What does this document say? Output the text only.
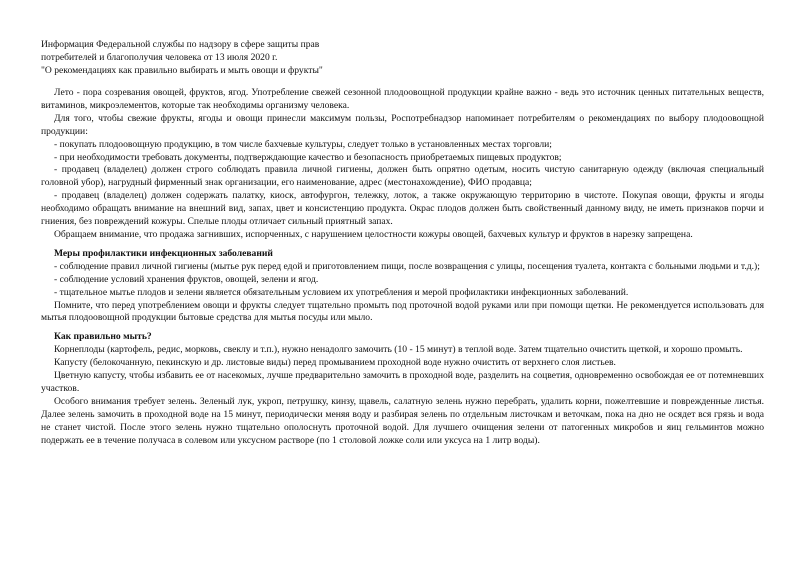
Информация Федеральной службы по надзору в сфере защиты прав
потребителей и благополучия человека от 13 июля 2020 г.
"О рекомендациях как правильно выбирать и мыть овощи и фрукты"

Лето - пора созревания овощей, фруктов, ягод. Употребление свежей сезонной плодоовощной продукции крайне важно - ведь это источник ценных питательных веществ, витаминов, микроэлементов, которые так необходимы организму человека.

Для того, чтобы свежие фрукты, ягоды и овощи принесли максимум пользы, Роспотребнадзор напоминает потребителям о рекомендациях по выбору плодоовощной продукции:

- покупать плодоовощную продукцию, в том числе бахчевые культуры, следует только в установленных местах торговли;

- при необходимости требовать документы, подтверждающие качество и безопасность приобретаемых пищевых продуктов;

- продавец (владелец) должен строго соблюдать правила личной гигиены, должен быть опрятно одетым, носить чистую санитарную одежду (включая специальный головной убор), нагрудный фирменный знак организации, его наименование, адрес (местонахождение), ФИО продавца;

- продавец (владелец) должен содержать палатку, киоск, автофургон, тележку, лоток, а также окружающую территорию в чистоте. Покупая овощи, фрукты и ягоды необходимо обращать внимание на внешний вид, запах, цвет и консистенцию продукта. Окрас плодов должен быть свойственный данному виду, не иметь признаков порчи и гниения, без повреждений кожуры. Спелые плоды отличает сильный приятный запах.

Обращаем внимание, что продажа загнивших, испорченных, с нарушением целостности кожуры овощей, бахчевых культур и фруктов в нарезку запрещена.

Меры профилактики инфекционных заболеваний

- соблюдение правил личной гигиены (мытье рук перед едой и приготовлением пищи, после возвращения с улицы, посещения туалета, контакта с больными людьми и т.д.);

- соблюдение условий хранения фруктов, овощей, зелени и ягод.

- тщательное мытье плодов и зелени является обязательным условием их употребления и мерой профилактики инфекционных заболеваний.

Помните, что перед употреблением овощи и фрукты следует тщательно промыть под проточной водой руками или при помощи щетки. Не рекомендуется использовать для мытья плодоовощной продукции бытовые средства для мытья посуды или мыло.

Как правильно мыть?

Корнеплоды (картофель, редис, морковь, свеклу и т.п.), нужно ненадолго замочить (10 - 15 минут) в теплой воде. Затем тщательно очистить щеткой, и хорошо промыть.

Капусту (белокочанную, пекинскую и др. листовые виды) перед промыванием проходной воде нужно очистить от верхнего слоя листьев.

Цветную капусту, чтобы избавить ее от насекомых, лучше предварительно замочить в проходной воде, разделить на соцветия, одновременно освобождая ее от потемневших участков.

Особого внимания требует зелень. Зеленый лук, укроп, петрушку, кинзу, щавель, салатную зелень нужно перебрать, удалить корни, пожелтевшие и поврежденные листья. Далее зелень замочить в проходной воде на 15 минут, периодически меняя воду и разбирая зелень по отдельным листочкам и веточкам, пока на дно не осядет вся грязь и вода не станет чистой. После этого зелень нужно тщательно ополоснуть проточной водой. Для лучшего очищения зелени от патогенных микробов и яиц гельминтов можно подержать ее в течение получаса в солевом или уксусном растворе (по 1 столовой ложке соли или уксуса на 1 литр воды).
